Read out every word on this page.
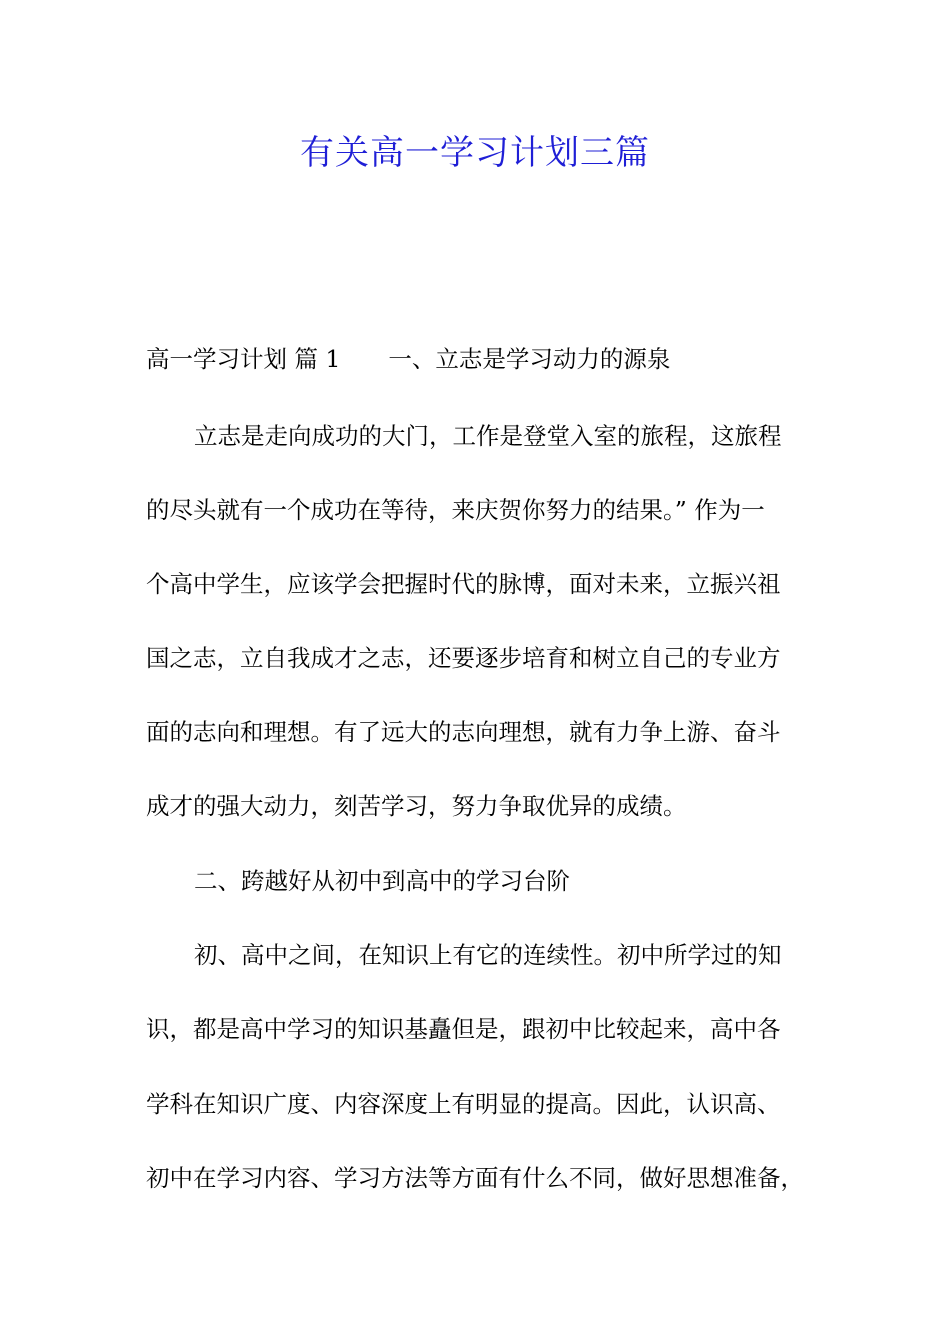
有关高一学习计划三篇

高一学习计划 篇 1 一、立志是学习动力的源泉

立志是走向成功的大门，工作是登堂入室的旅程，这旅程

的尽头就有一个成功在等待，来庆贺你努力的结果。” 作为一

个高中学生，应该学会把握时代的脉博，面对未来，立振兴祖

国之志，立自我成才之志，还要逐步培育和树立自己的专业方

面的志向和理想。有了远大的志向理想，就有力争上游、奋斗

成才的强大动力，刻苦学习，努力争取优异的成绩。

二、跨越好从初中到高中的学习台阶

初、高中之间，在知识上有它的连续性。初中所学过的知

识，都是高中学习的知识基矗但是，跟初中比较起来，高中各

学科在知识广度、内容深度上有明显的提高。因此，认识高、

初中在学习内容、学习方法等方面有什么不同，做好思想准备，
